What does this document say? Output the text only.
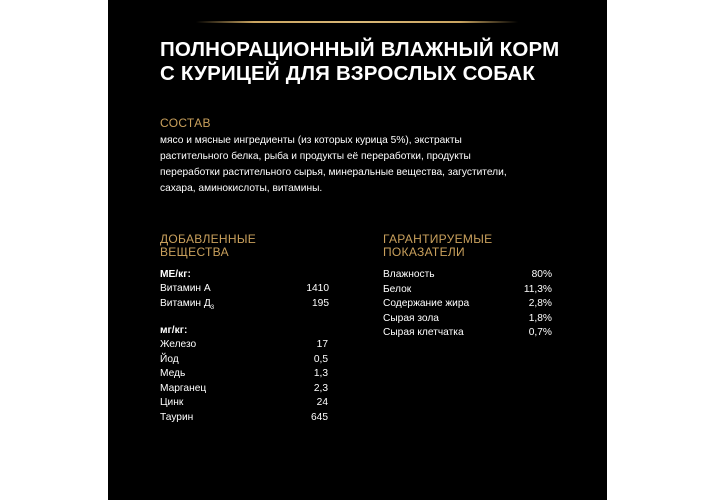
ПОЛНОРАЦИОННЫЙ ВЛАЖНЫЙ КОРМ
С КУРИЦЕЙ ДЛЯ ВЗРОСЛЫХ СОБАК
СОСТАВ

мясо и мясные ингредиенты (из которых курица 5%), экстракты растительного белка, рыба и продукты её переработки, продукты переработки растительного сырья, минеральные вещества, загустители, сахара, аминокислоты, витамины.

ДОБАВЛЕННЫЕ
ВЕЩЕСТВА
ГАРАНТИРУЕМЫЕ
ПОКАЗАТЕЛИ
МЕ/кг:
Витамин А	1410
Витамин $Д_3$	195
мг/кг:
Железо	17
Йод	0,5
Медь	1,3
Марганец	2,3
Цинк	24
Таурин	645
Влажность	80%
Белок	11,3%
Содержание жира	2,8%
Сырая зола	1,8%
Сырая клетчатка	0,7%
